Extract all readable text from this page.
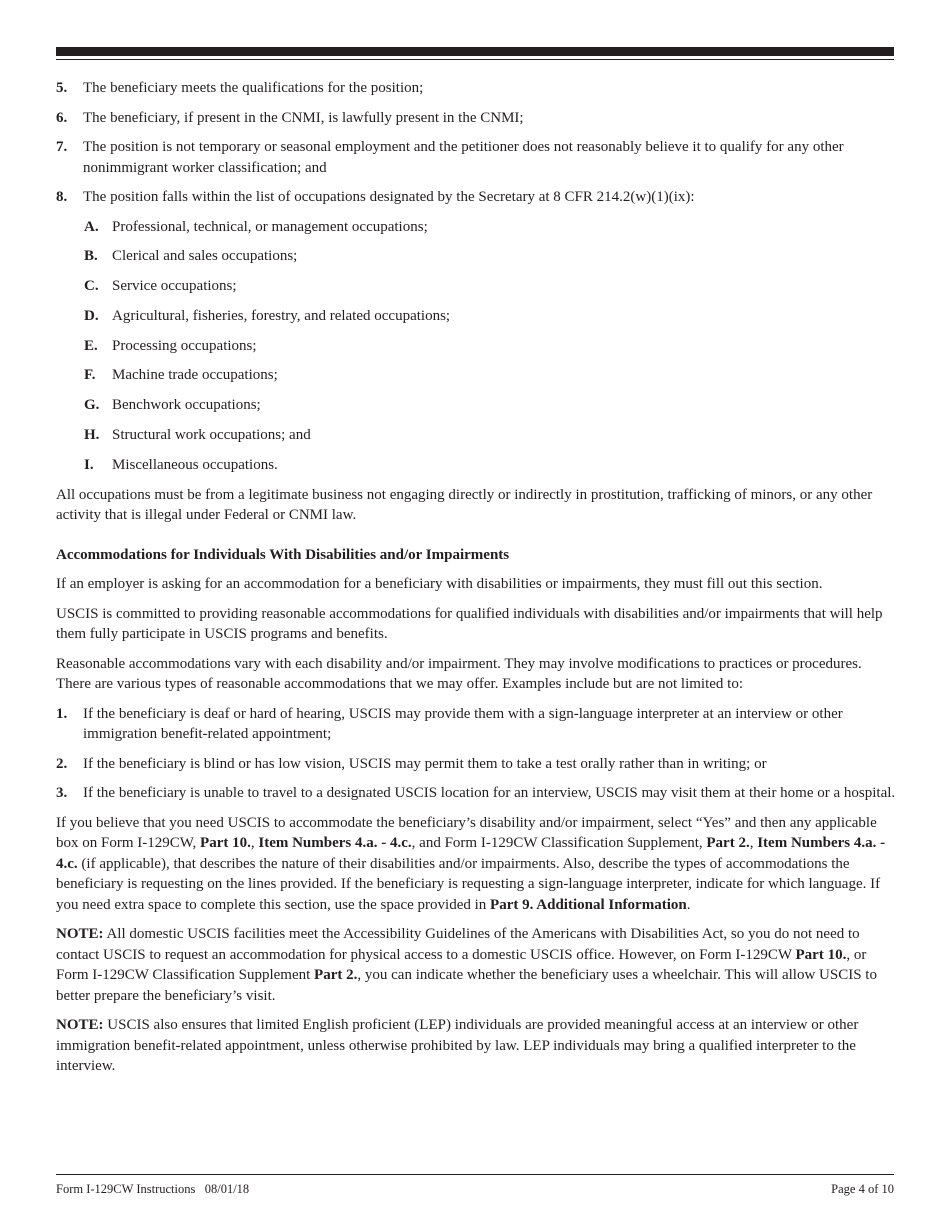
5. The beneficiary meets the qualifications for the position;
6. The beneficiary, if present in the CNMI, is lawfully present in the CNMI;
7. The position is not temporary or seasonal employment and the petitioner does not reasonably believe it to qualify for any other nonimmigrant worker classification; and
8. The position falls within the list of occupations designated by the Secretary at 8 CFR 214.2(w)(1)(ix):
A. Professional, technical, or management occupations;
B. Clerical and sales occupations;
C. Service occupations;
D. Agricultural, fisheries, forestry, and related occupations;
E. Processing occupations;
F. Machine trade occupations;
G. Benchwork occupations;
H. Structural work occupations; and
I. Miscellaneous occupations.

All occupations must be from a legitimate business not engaging directly or indirectly in prostitution, trafficking of minors, or any other activity that is illegal under Federal or CNMI law.

Accommodations for Individuals With Disabilities and/or Impairments

If an employer is asking for an accommodation for a beneficiary with disabilities or impairments, they must fill out this section.

USCIS is committed to providing reasonable accommodations for qualified individuals with disabilities and/or impairments that will help them fully participate in USCIS programs and benefits.

Reasonable accommodations vary with each disability and/or impairment. They may involve modifications to practices or procedures. There are various types of reasonable accommodations that we may offer. Examples include but are not limited to:

1. If the beneficiary is deaf or hard of hearing, USCIS may provide them with a sign-language interpreter at an interview or other immigration benefit-related appointment;
2. If the beneficiary is blind or has low vision, USCIS may permit them to take a test orally rather than in writing; or
3. If the beneficiary is unable to travel to a designated USCIS location for an interview, USCIS may visit them at their home or a hospital.

If you believe that you need USCIS to accommodate the beneficiary’s disability and/or impairment, select “Yes” and then any applicable box on Form I-129CW, Part 10., Item Numbers 4.a. - 4.c., and Form I-129CW Classification Supplement, Part 2., Item Numbers 4.a. - 4.c. (if applicable), that describes the nature of their disabilities and/or impairments. Also, describe the types of accommodations the beneficiary is requesting on the lines provided. If the beneficiary is requesting a sign-language interpreter, indicate for which language. If you need extra space to complete this section, use the space provided in Part 9. Additional Information.

NOTE: All domestic USCIS facilities meet the Accessibility Guidelines of the Americans with Disabilities Act, so you do not need to contact USCIS to request an accommodation for physical access to a domestic USCIS office. However, on Form I-129CW Part 10., or Form I-129CW Classification Supplement Part 2., you can indicate whether the beneficiary uses a wheelchair. This will allow USCIS to better prepare the beneficiary’s visit.

NOTE: USCIS also ensures that limited English proficient (LEP) individuals are provided meaningful access at an interview or other immigration benefit-related appointment, unless otherwise prohibited by law. LEP individuals may bring a qualified interpreter to the interview.

Form I-129CW Instructions   08/01/18	Page 4 of 10
